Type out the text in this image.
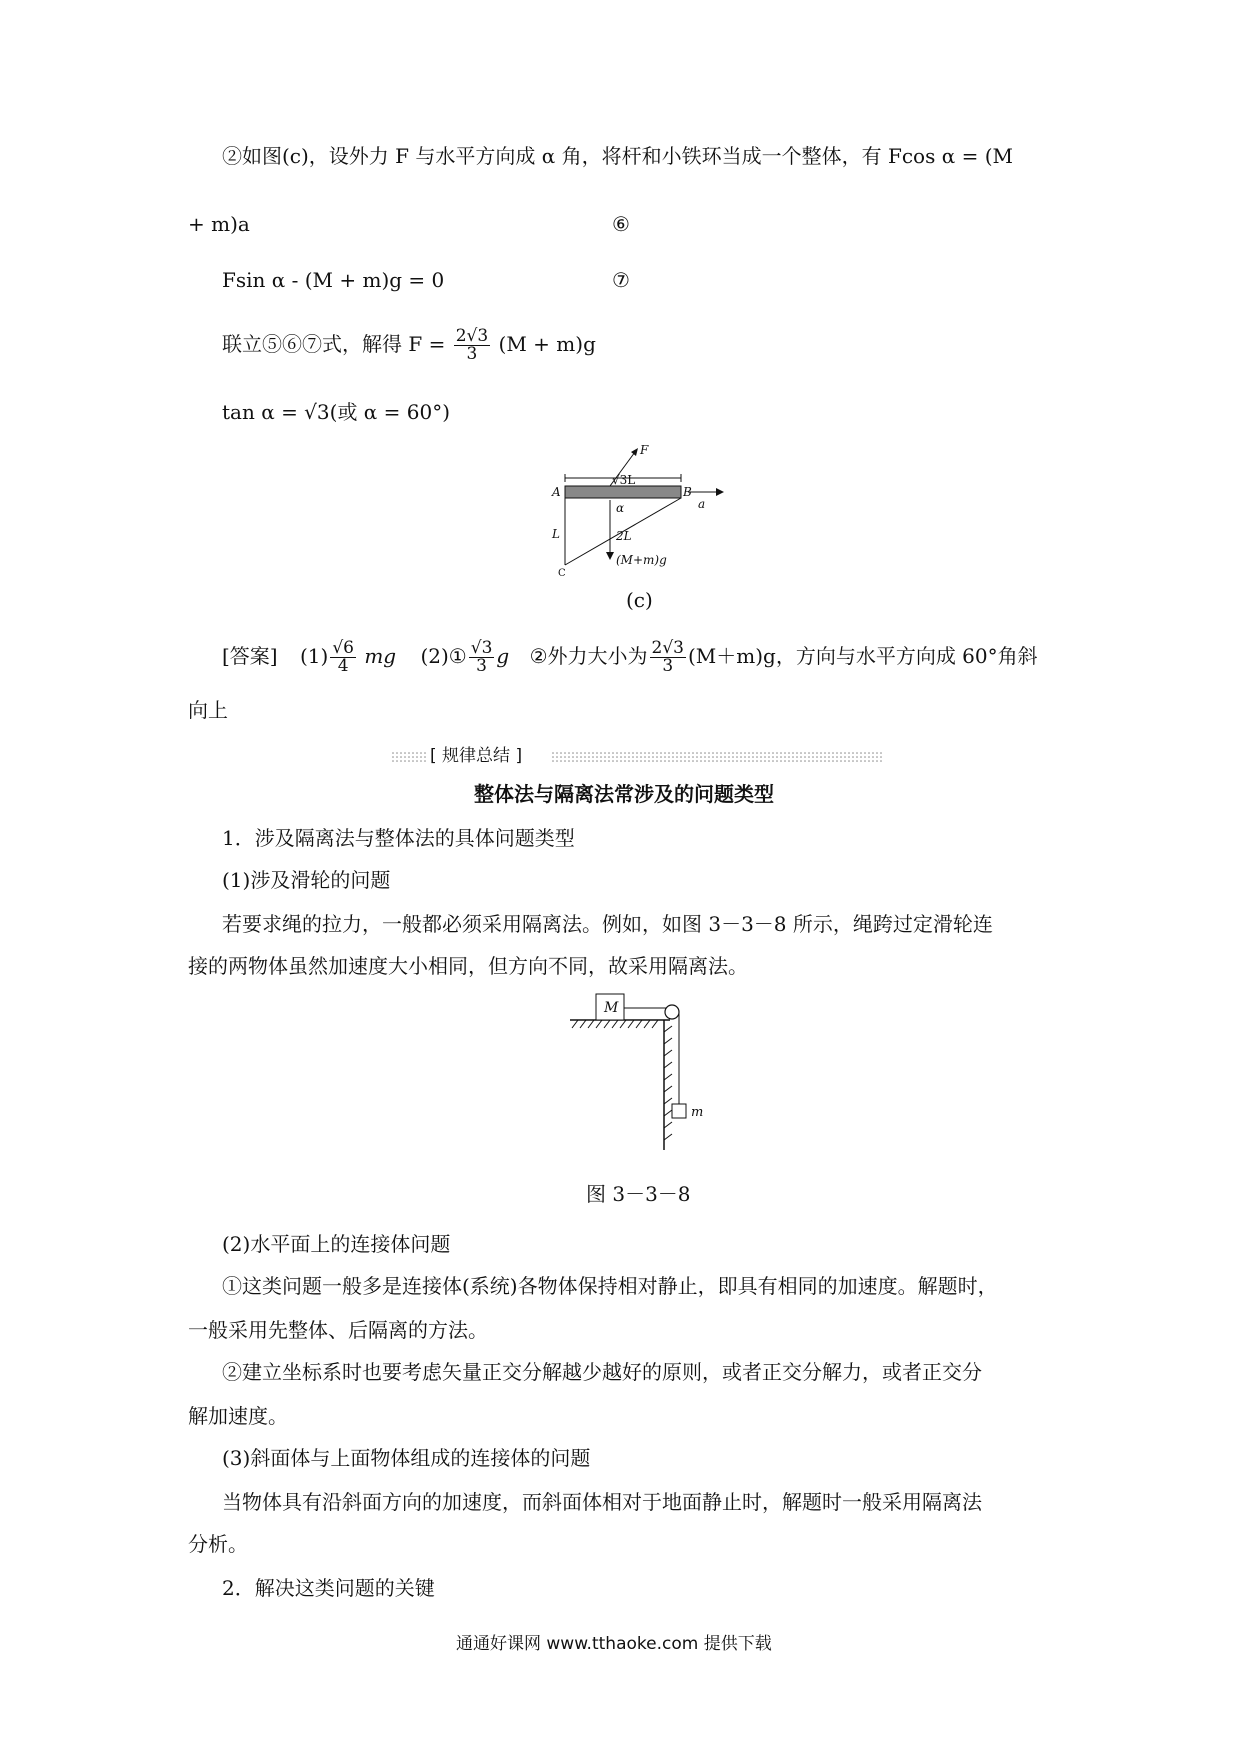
②如图(c)，设外力 F 与水平方向成 α 角，将杆和小铁环当成一个整体，有 Fcos α = (M
+ m)a	⑥
Fsin α - (M + m)g = 0	⑦
联立⑤⑥⑦式，解得 $F = \frac{2√3}{3} (M + m)g$
tan α = √3(或 α = 60°)
√3L
A	B
F
a
α
L	2L
(M+m)g
C
(c)
[答案] $(1) \frac{√6}{4}$ mg (2)① $\frac{√3}{3}$ g ②外力大小为 $\frac{2√3}{3} (M+m)g$，方向与水平方向成 60°角斜
向上
[ 规律总结 ]
整体法与隔离法常涉及的问题类型
1．涉及隔离法与整体法的具体问题类型
(1)涉及滑轮的问题
若要求绳的拉力，一般都必须采用隔离法。例如，如图 3－3－8 所示，绳跨过定滑轮连
接的两物体虽然加速度大小相同，但方向不同，故采用隔离法。
M
m
图 3－3－8
(2)水平面上的连接体问题
①这类问题一般多是连接体(系统)各物体保持相对静止，即具有相同的加速度。解题时，
一般采用先整体、后隔离的方法。
②建立坐标系时也要考虑矢量正交分解越少越好的原则，或者正交分解力，或者正交分
解加速度。
(3)斜面体与上面物体组成的连接体的问题
当物体具有沿斜面方向的加速度，而斜面体相对于地面静止时，解题时一般采用隔离法
分析。
2．解决这类问题的关键
通通好课网 www.tthaoke.com 提供下载
